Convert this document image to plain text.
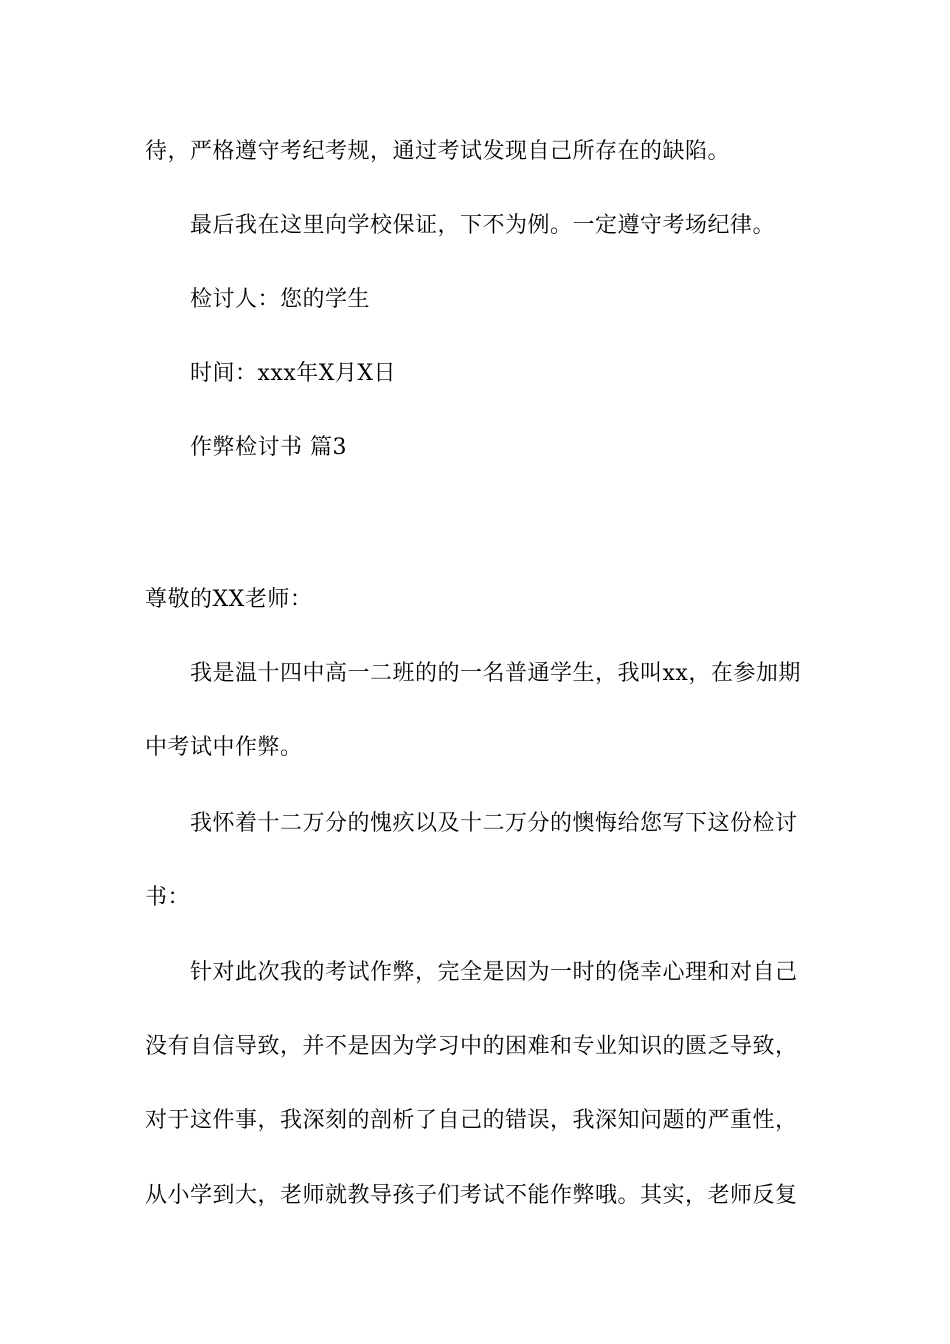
待，严格遵守考纪考规，通过考试发现自己所存在的缺陷。
最后我在这里向学校保证，下不为例。一定遵守考场纪律。
检讨人：您的学生
时间：xxx年X月X日
作弊检讨书 篇3
尊敬的XX老师：
我是温十四中高一二班的的一名普通学生，我叫xx，在参加期
中考试中作弊。
我怀着十二万分的愧疚以及十二万分的懊悔给您写下这份检讨
书：
针对此次我的考试作弊，完全是因为一时的侥幸心理和对自己
没有自信导致，并不是因为学习中的困难和专业知识的匮乏导致，
对于这件事，我深刻的剖析了自己的错误，我深知问题的严重性，
从小学到大，老师就教导孩子们考试不能作弊哦。其实，老师反复
